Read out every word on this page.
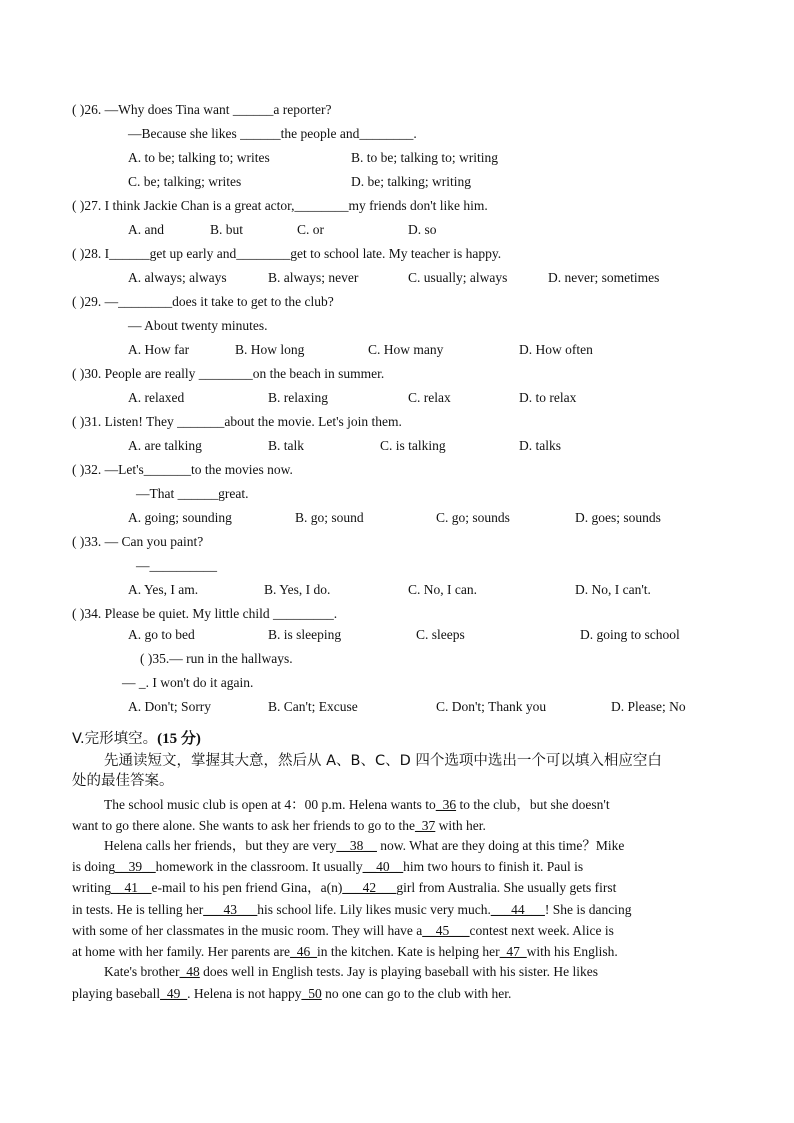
( )26. —Why does Tina want ______a reporter?
—Because she likes ______the people and________.
( )27. I think Jackie Chan is a great actor,________my friends don't like him.
( )28. I______get up early and________get to school late. My teacher is happy.
( )29. —________does it take to get to the club?
— About twenty minutes.
( )30. People are really ________on the beach in summer.
( )31. Listen! They _______about the movie. Let's join them.
( )32. —Let's_______to the movies now.
—That ______great.
( )33. — Can you paint?
—__________
( )34. Please be quiet. My little child _________.
( )35.— run in the hallways.
— _. I won't do it again.
A. to be; talking to; writes	B. to be; talking to; writing
C. be; talking; writes	D. be; talking; writing
A. and	B. but	C. or	D. so
A. always; always	B. always; never	C. usually; always	D. never; sometimes
A. How far	B. How long	C. How many	D. How often
A. relaxed	B. relaxing	C. relax	D. to relax
A. are talking	B. talk	C. is talking	D. talks
A. going; sounding	B. go; sound	C. go; sounds	D. goes; sounds
A. Yes, I am.	B. Yes, I do.	C. No, I can.	D. No, I can't.
A. go to bed	B. is sleeping	C. sleeps	D. going to school
A. Don't; Sorry	B. Can't; Excuse	C. Don't; Thank you	D. Please; No
V.完形填空。(15 分)
先通读短文，掌握其大意，然后从 A、B、C、D 四个选项中选出一个可以填入相应空白
处的最佳答案。
The school music club is open at 4：00 p.m. Helena wants to_36 to the club，but she doesn't
want to go there alone. She wants to ask her friends to go to the_37 with her.
Helena calls her friends，but they are very__38__ now. What are they doing at this time？Mike
is doing__39__homework in the classroom. It usually__40__him two hours to finish it. Paul is
writing__41__e-mail to his pen friend Gina，a(n)___42___girl from Australia. She usually gets first
in tests. He is telling her___43___his school life. Lily likes music very much.___44___! She is dancing
with some of her classmates in the music room. They will have a__45___contest next week. Alice is
at home with her family. Her parents are_46_in the kitchen. Kate is helping her_47_with his English.
Kate's brother_48 does well in English tests. Jay is playing baseball with his sister. He likes
playing baseball_49_. Helena is not happy_50 no one can go to the club with her.
